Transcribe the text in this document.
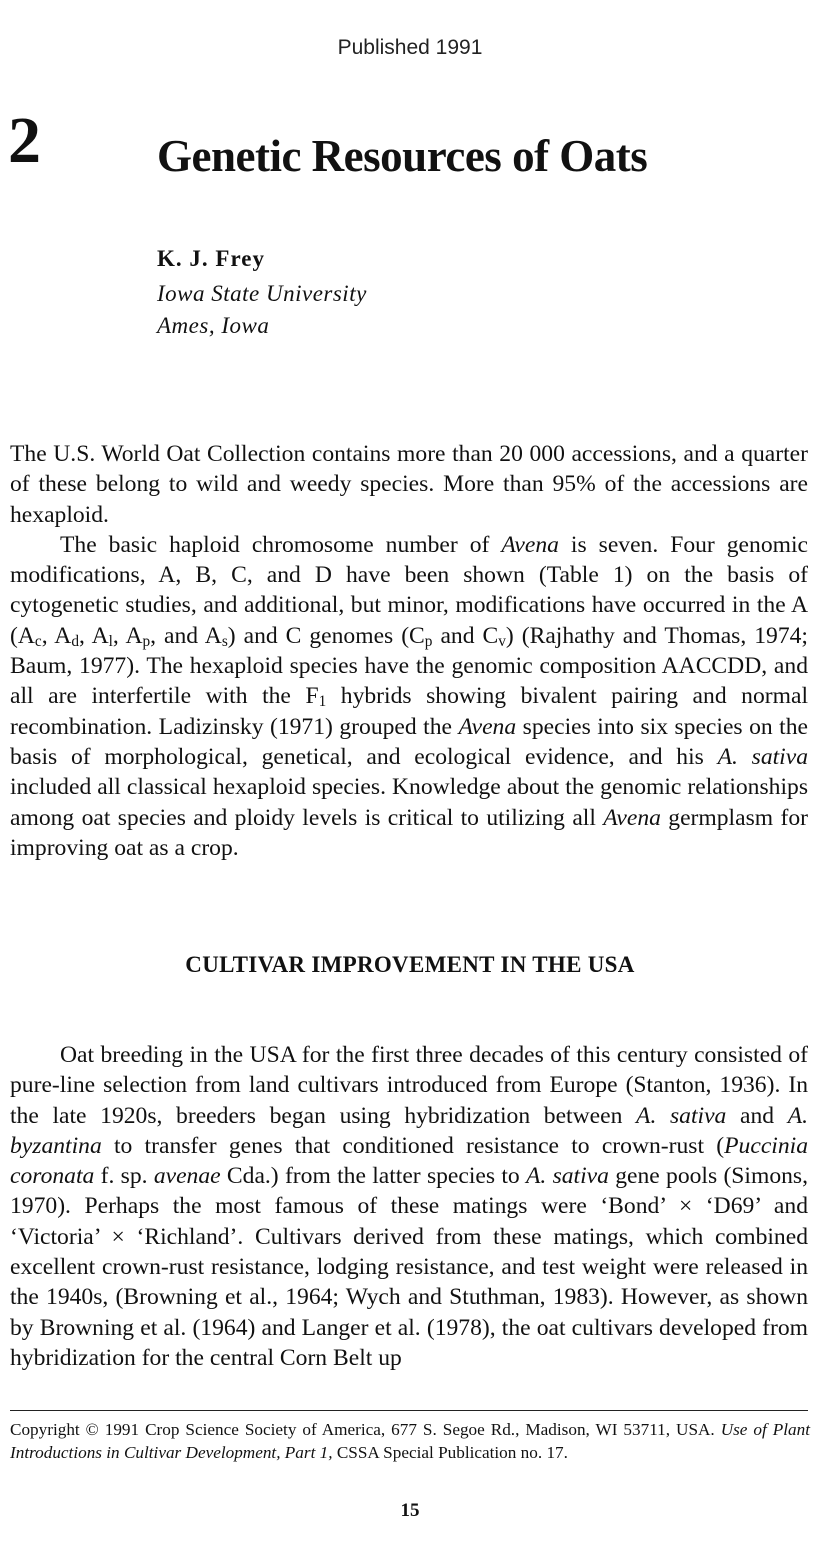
Published 1991
2	Genetic Resources of Oats
K. J. Frey
Iowa State University
Ames, Iowa

The U.S. World Oat Collection contains more than 20 000 accessions, and a quarter of these belong to wild and weedy species. More than 95% of the accessions are hexaploid.

The basic haploid chromosome number of Avena is seven. Four genomic modifications, A, B, C, and D have been shown (Table 1) on the basis of cytogenetic studies, and additional, but minor, modifications have occurred in the A ($A_c$, $A_d$, $A_l$, $A_p$, and $A_s$) and C genomes ($C_p$ and $C_v$) (Rajhathy and Thomas, 1974; Baum, 1977). The hexaploid species have the genomic composition AACCDD, and all are interfertile with the $F_1$ hybrids showing bivalent pairing and normal recombination. Ladizinsky (1971) grouped the Avena species into six species on the basis of morphological, genetical, and ecological evidence, and his A. sativa included all classical hexaploid species. Knowledge about the genomic relationships among oat species and ploidy levels is critical to utilizing all Avena germplasm for improving oat as a crop.

CULTIVAR IMPROVEMENT IN THE USA

Oat breeding in the USA for the first three decades of this century consisted of pure-line selection from land cultivars introduced from Europe (Stanton, 1936). In the late 1920s, breeders began using hybridization between A. sativa and A. byzantina to transfer genes that conditioned resistance to crown-rust (Puccinia coronata f. sp. avenae Cda.) from the latter species to A. sativa gene pools (Simons, 1970). Perhaps the most famous of these matings were ‘Bond’ × ‘D69’ and ‘Victoria’ × ‘Richland’. Cultivars derived from these matings, which combined excellent crown-rust resistance, lodging resistance, and test weight were released in the 1940s, (Browning et al., 1964; Wych and Stuthman, 1983). However, as shown by Browning et al. (1964) and Langer et al. (1978), the oat cultivars developed from hybridization for the central Corn Belt up

Copyright © 1991 Crop Science Society of America, 677 S. Segoe Rd., Madison, WI 53711, USA. Use of Plant Introductions in Cultivar Development, Part 1, CSSA Special Publication no. 17.
15
